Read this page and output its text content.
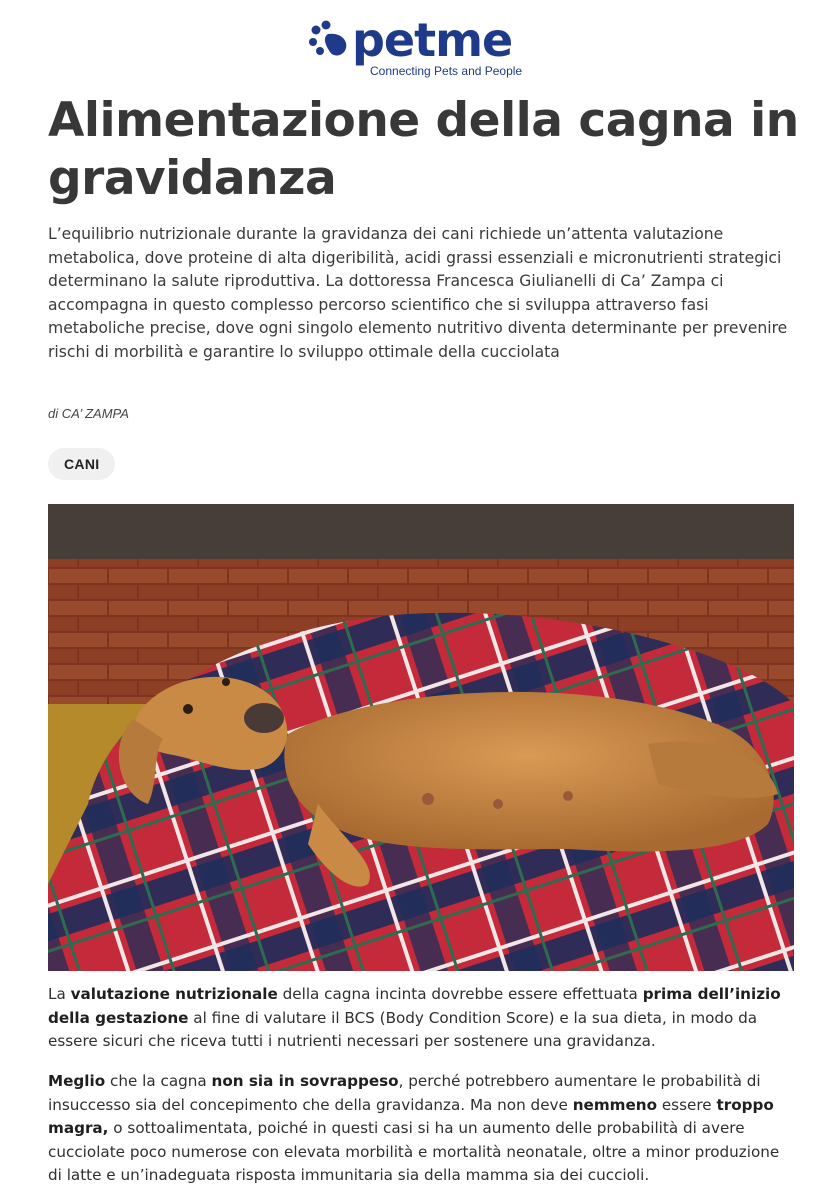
petme
Connecting Pets and People
Alimentazione della cagna in gravidanza

L’equilibrio nutrizionale durante la gravidanza dei cani richiede un’attenta valutazione metabolica, dove proteine di alta digeribilità, acidi grassi essenziali e micronutrienti strategici determinano la salute riproduttiva. La dottoressa Francesca Giulianelli di Ca’ Zampa ci accompagna in questo complesso percorso scientifico che si sviluppa attraverso fasi metaboliche precise, dove ogni singolo elemento nutritivo diventa determinante per prevenire rischi di morbilità e garantire lo sviluppo ottimale della cucciolata

di CA’ ZAMPA
CANI

La valutazione nutrizionale della cagna incinta dovrebbe essere effettuata prima dell’inizio della gestazione al fine di valutare il BCS (Body Condition Score) e la sua dieta, in modo da essere sicuri che riceva tutti i nutrienti necessari per sostenere una gravidanza.

Meglio che la cagna non sia in sovrappeso, perché potrebbero aumentare le probabilità di insuccesso sia del concepimento che della gravidanza. Ma non deve nemmeno essere troppo magra, o sottoalimentata, poiché in questi casi si ha un aumento delle probabilità di avere cucciolate poco numerose con elevata morbilità e mortalità neonatale, oltre a minor produzione di latte e un’inadeguata risposta immunitaria sia della mamma sia dei cuccioli.
